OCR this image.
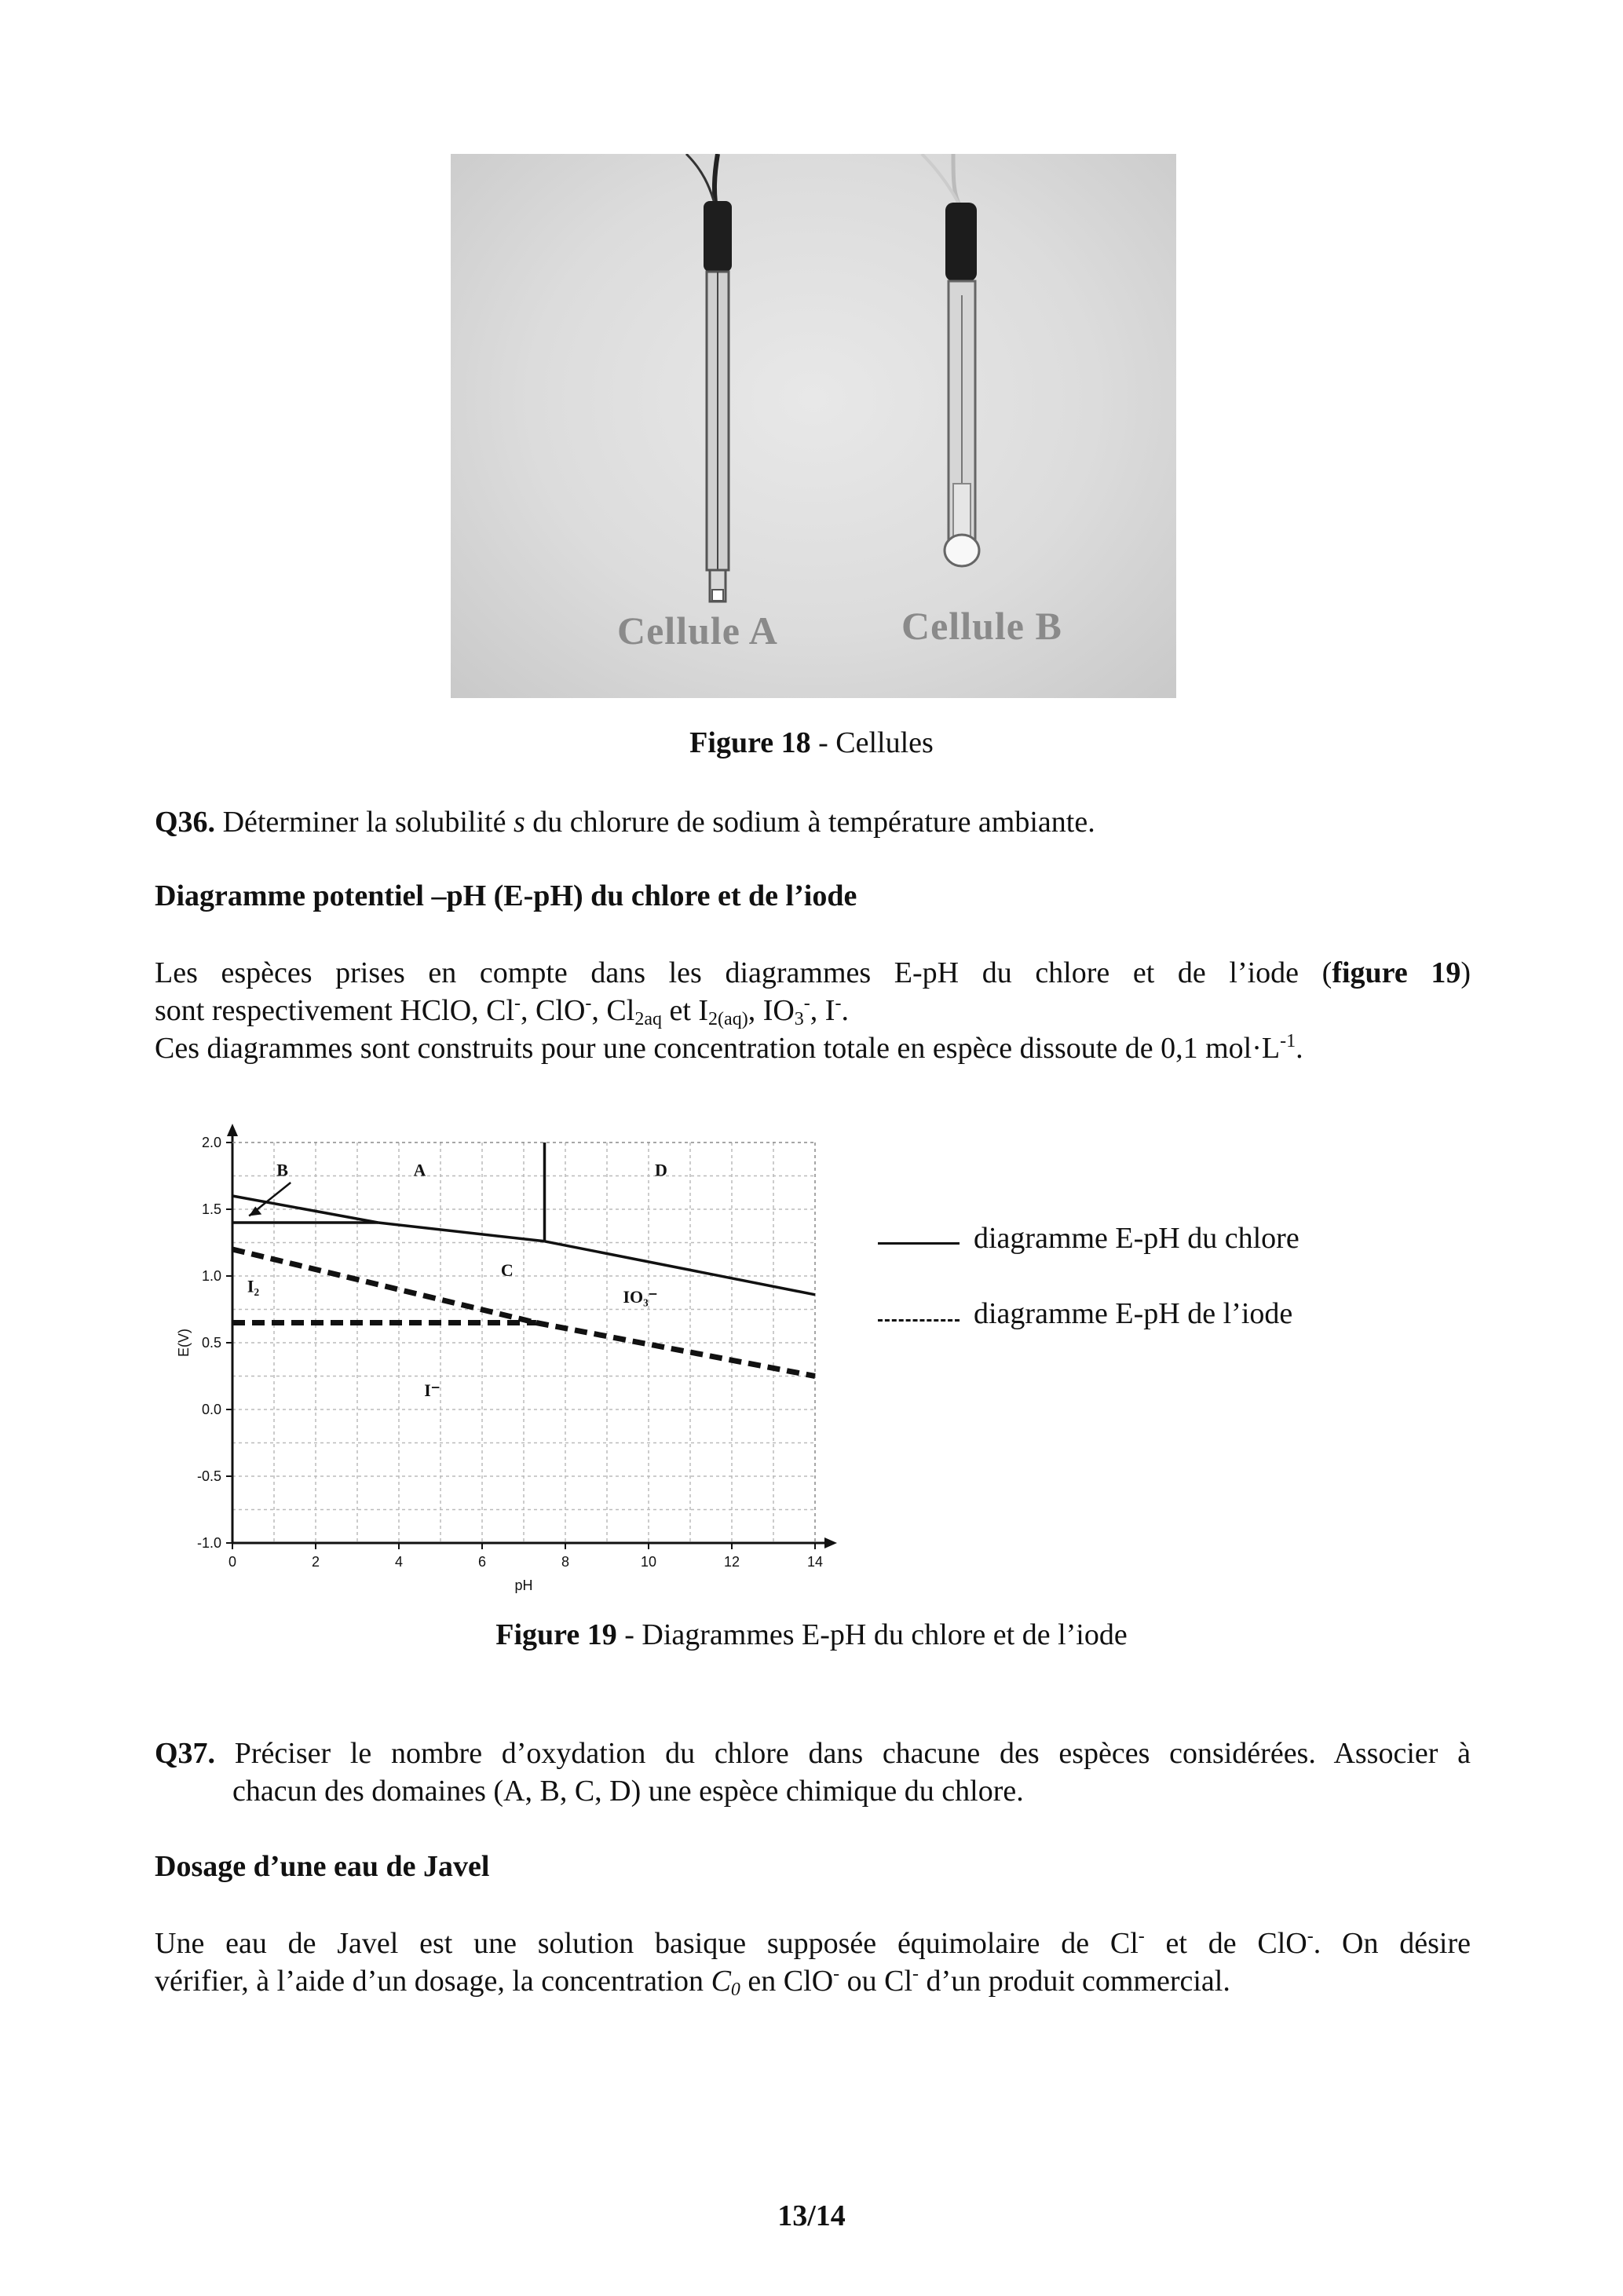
Cellule A	Cellule B
Figure 18 - Cellules
Q36. Déterminer la solubilité s du chlorure de sodium à température ambiante.
Diagramme potentiel –pH (E-pH) du chlore et de l’iode
Les espèces prises en compte dans les diagrammes E-pH du chlore et de l’iode (figure 19)
sont respectivement HClO, Cl-, ClO-, $Cl_{2aq}$ et $I_{2(aq)}$, $IO_3^-$, I-.
Ces diagrammes sont construits pour une concentration totale en espèce dissoute de 0,1 $mol\cdot L^{-1}$.
0	2	4	6	8	10	12	14
2.0
1.5
1.0
0.5
0.0
-0.5
-1.0
pH
E(V)
B	A	D
C
I₂
IO₃⁻
I⁻
diagramme E-pH du chlore
diagramme E-pH de l’iode
Figure 19 - Diagrammes E-pH du chlore et de l’iode
Q37. Préciser le nombre d’oxydation du chlore dans chacune des espèces considérées. Associer à
chacun des domaines (A, B, C, D) une espèce chimique du chlore.
Dosage d’une eau de Javel
Une eau de Javel est une solution basique supposée équimolaire de Cl- et de ClO-. On désire
vérifier, à l’aide d’un dosage, la concentration $C_0$ en ClO- ou Cl- d’un produit commercial.
13/14
